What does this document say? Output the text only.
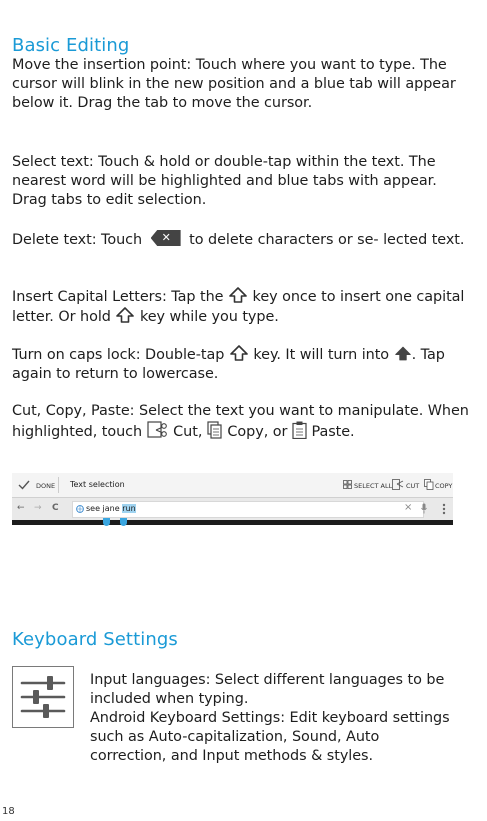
Basic Editing

Move the insertion point: Touch where you want to type. The cursor will blink in the new position and a blue tab will appear below it. Drag the tab to move the cursor.

Select text: Touch & hold or double-tap within the text. The nearest word will be highlighted and blue tabs with appear. Drag tabs to edit selection.

Delete text: Touch ✕	to delete characters or se- lected text.

Insert Capital Letters: Tap the key once to insert one capital letter. Or hold key while you type.

Turn on caps lock: Double-tap key. It will turn into . Tap again to return to lowercase.

Cut, Copy, Paste: Select the text you want to manipulate. When highlighted, touch Cut, Copy, or Paste.

DONE Text selection	SELECT ALL CUT COPY
← → C	see jane run	×
Keyboard Settings

Input languages: Select different languages to be included when typing.

Android Keyboard Settings: Edit keyboard settings such as Auto-capitalization, Sound, Auto correction, and Input methods & styles.

18
